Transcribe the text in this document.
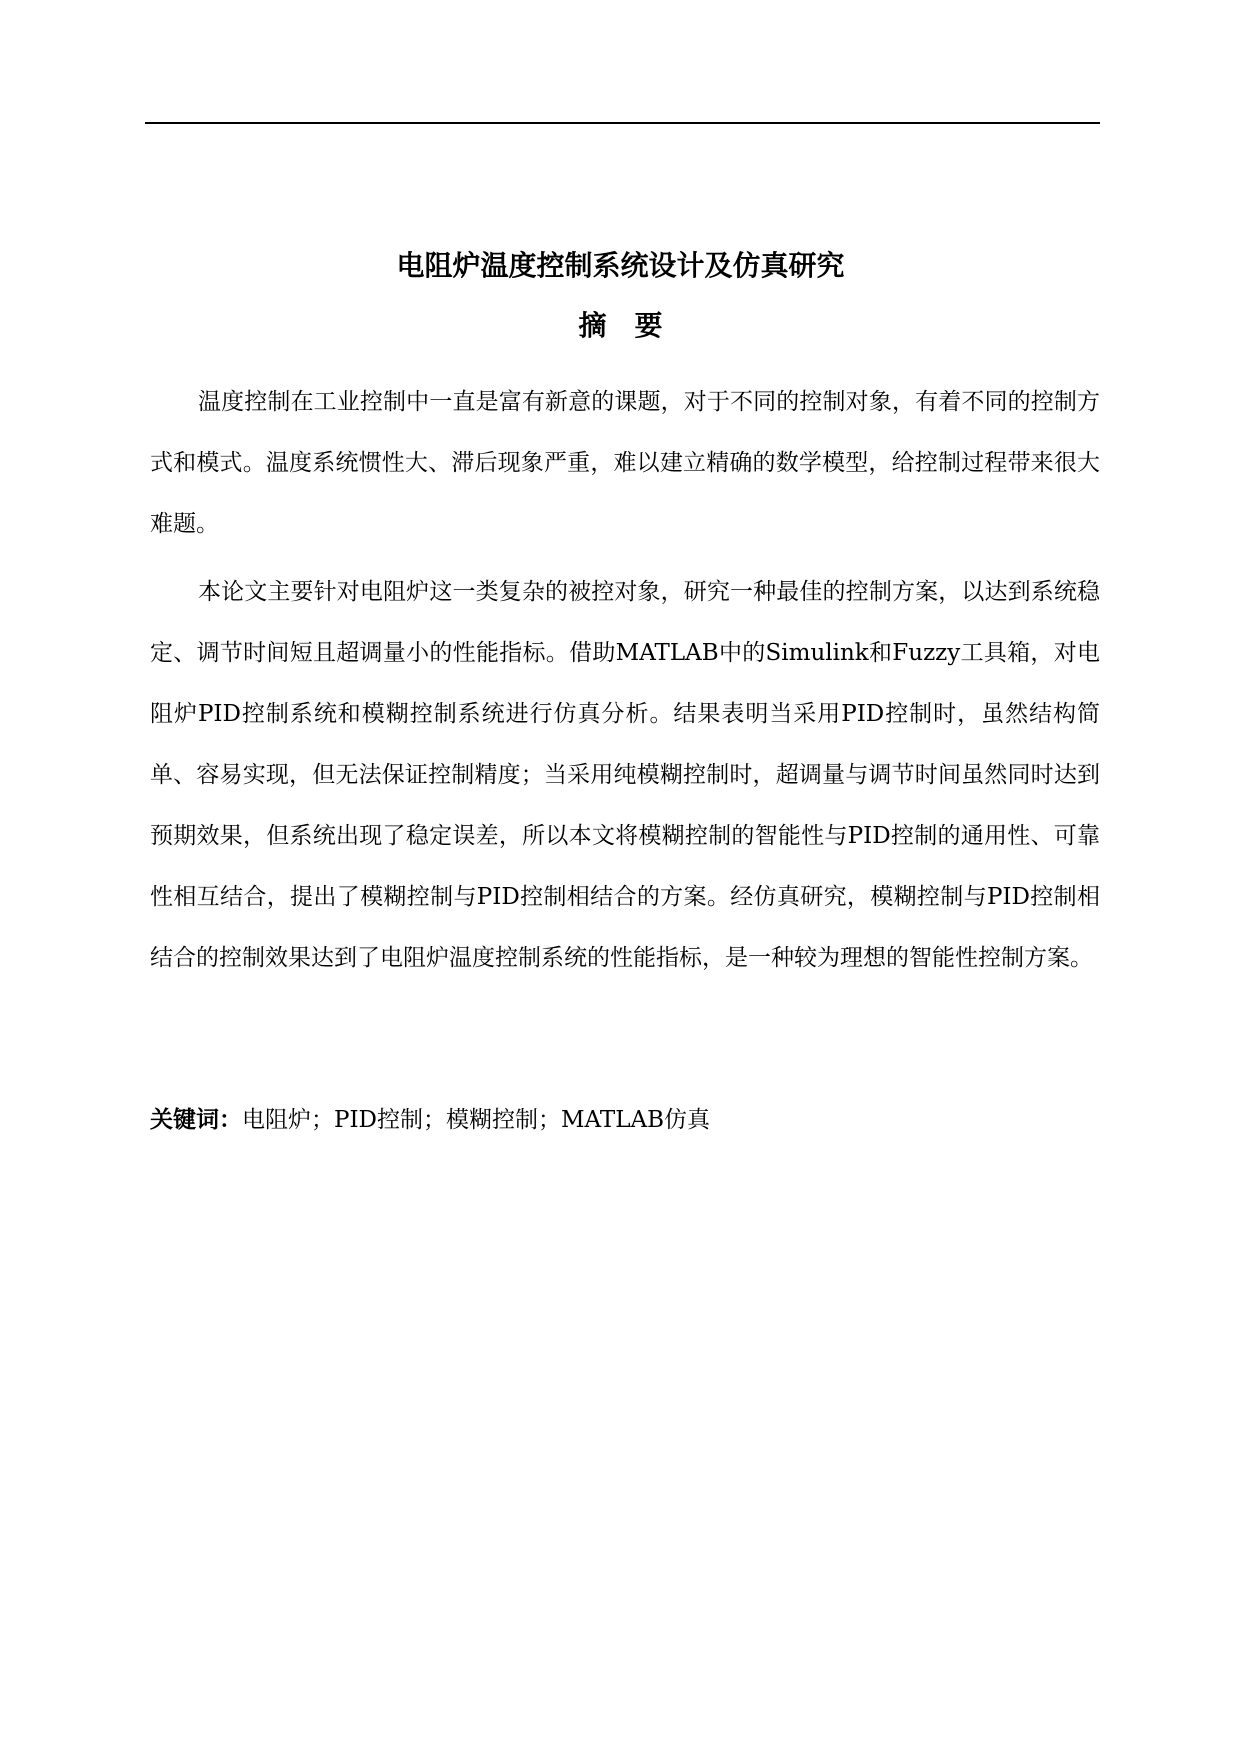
电阻炉温度控制系统设计及仿真研究
摘要

温度控制在工业控制中一直是富有新意的课题，对于不同的控制对象，有着不同的控制方式和模式。温度系统惯性大、滞后现象严重，难以建立精确的数学模型，给控制过程带来很大难题。

本论文主要针对电阻炉这一类复杂的被控对象，研究一种最佳的控制方案，以达到系统稳定、调节时间短且超调量小的性能指标。借助MATLAB中的Simulink和Fuzzy工具箱，对电阻炉PID控制系统和模糊控制系统进行仿真分析。结果表明当采用PID控制时，虽然结构简单、容易实现，但无法保证控制精度；当采用纯模糊控制时，超调量与调节时间虽然同时达到预期效果，但系统出现了稳定误差，所以本文将模糊控制的智能性与PID控制的通用性、可靠性相互结合，提出了模糊控制与PID控制相结合的方案。经仿真研究，模糊控制与PID控制相结合的控制效果达到了电阻炉温度控制系统的性能指标，是一种较为理想的智能性控制方案。

关键词：电阻炉；PID控制；模糊控制；MATLAB仿真
